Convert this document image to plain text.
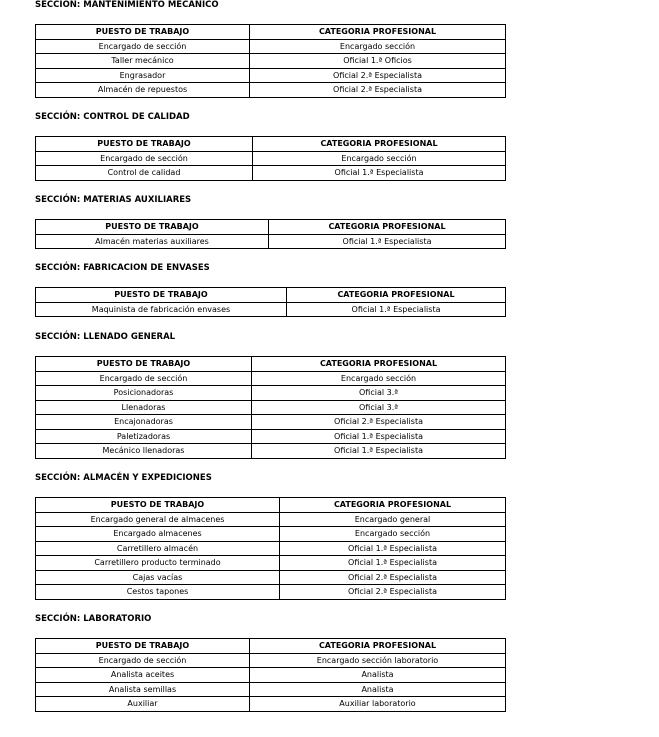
SECCIÓN: MANTENIMIENTO MECÁNICO
PUESTO DE TRABAJO	CATEGORIA PROFESIONAL
Encargado de sección	Encargado sección
Taller mecánico	Oficial 1.ª Oficios
Engrasador	Oficial 2.ª Especialista
Almacén de repuestos	Oficial 2.ª Especialista
SECCIÓN: CONTROL DE CALIDAD
PUESTO DE TRABAJO	CATEGORIA PROFESIONAL
Encargado de sección	Encargado sección
Control de calidad	Oficial 1.ª Especialista
SECCIÓN: MATERIAS AUXILIARES
PUESTO DE TRABAJO	CATEGORIA PROFESIONAL
Almacén materias auxiliares	Oficial 1.ª Especialista
SECCIÓN: FABRICACION DE ENVASES
PUESTO DE TRABAJO	CATEGORIA PROFESIONAL
Maquinista de fabricación envases	Oficial 1.ª Especialista
SECCIÓN: LLENADO GENERAL
PUESTO DE TRABAJO	CATEGORIA PROFESIONAL
Encargado de sección	Encargado sección
Posicionadoras	Oficial 3.ª
Llenadoras	Oficial 3.ª
Encajonadoras	Oficial 2.ª Especialista
Paletizadoras	Oficial 1.ª Especialista
Mecánico llenadoras	Oficial 1.ª Especialista
SECCIÓN: ALMACÉN Y EXPEDICIONES
PUESTO DE TRABAJO	CATEGORIA PROFESIONAL
Encargado general de almacenes	Encargado general
Encargado almacenes	Encargado sección
Carretillero almacén	Oficial 1.ª Especialista
Carretillero producto terminado	Oficial 1.ª Especialista
Cajas vacías	Oficial 2.ª Especialista
Cestos tapones	Oficial 2.ª Especialista
SECCIÓN: LABORATORIO
PUESTO DE TRABAJO	CATEGORIA PROFESIONAL
Encargado de sección	Encargado sección laboratorio
Analista aceites	Analista
Analista semillas	Analista
Auxiliar	Auxiliar laboratorio
